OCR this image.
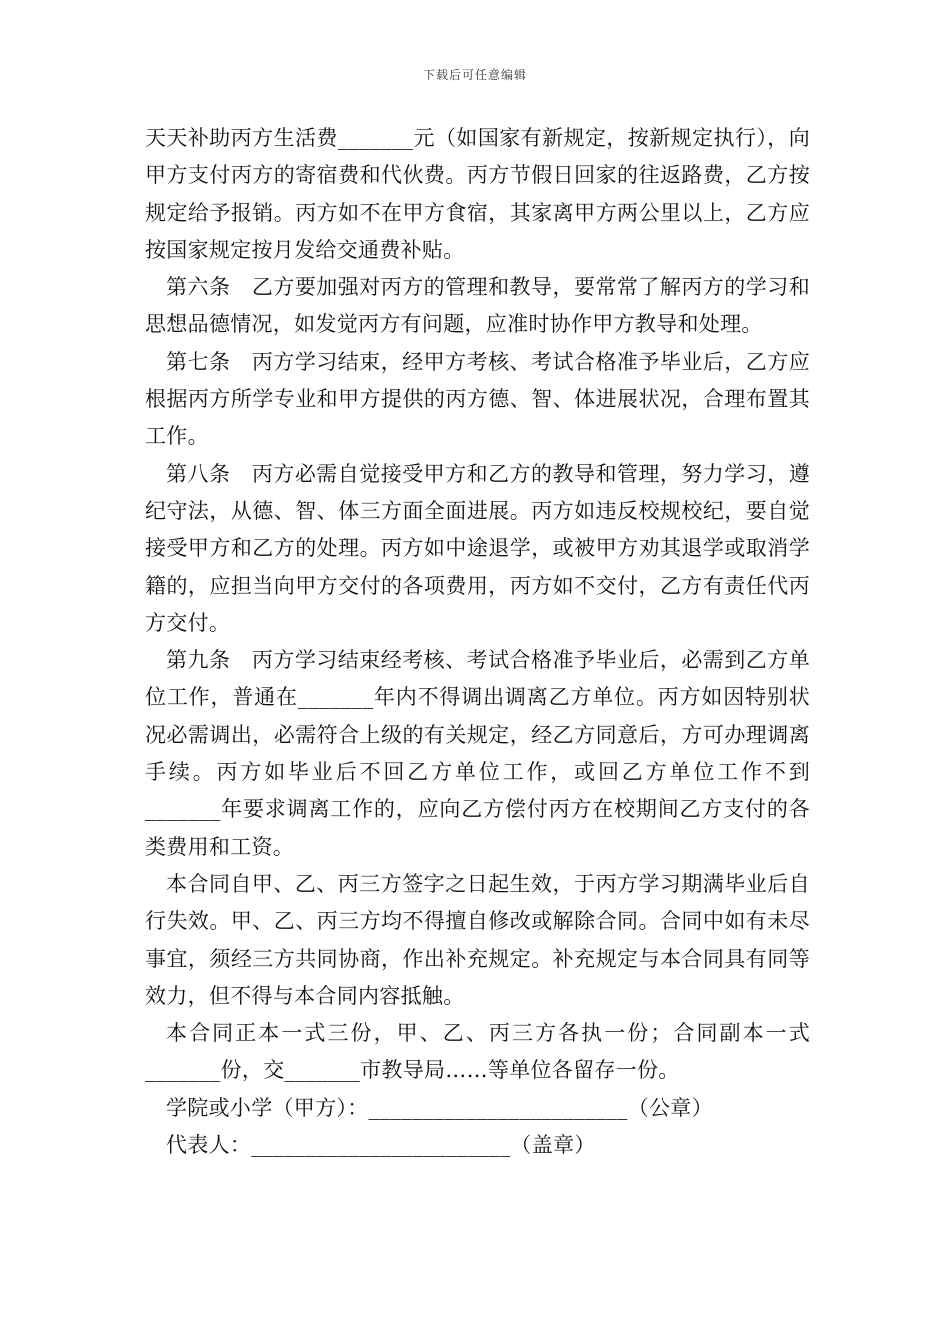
下载后可任意编辑

天天补助丙方生活费_______元（如国家有新规定，按新规定执行），向甲方支付丙方的寄宿费和代伙费。丙方节假日回家的往返路费，乙方按规定给予报销。丙方如不在甲方食宿，其家离甲方两公里以上，乙方应按国家规定按月发给交通费补贴。

第六条　乙方要加强对丙方的管理和教导，要常常了解丙方的学习和思想品德情况，如发觉丙方有问题，应准时协作甲方教导和处理。

第七条　丙方学习结束，经甲方考核、考试合格准予毕业后，乙方应根据丙方所学专业和甲方提供的丙方德、智、体进展状况，合理布置其工作。

第八条　丙方必需自觉接受甲方和乙方的教导和管理，努力学习，遵纪守法，从德、智、体三方面全面进展。丙方如违反校规校纪，要自觉接受甲方和乙方的处理。丙方如中途退学，或被甲方劝其退学或取消学籍的，应担当向甲方交付的各项费用，丙方如不交付，乙方有责任代丙方交付。

第九条　丙方学习结束经考核、考试合格准予毕业后，必需到乙方单位工作，普通在_______年内不得调出调离乙方单位。丙方如因特别状况必需调出，必需符合上级的有关规定，经乙方同意后，方可办理调离手续。丙方如毕业后不回乙方单位工作，或回乙方单位工作不到_______年要求调离工作的，应向乙方偿付丙方在校期间乙方支付的各类费用和工资。

本合同自甲、乙、丙三方签字之日起生效，于丙方学习期满毕业后自行失效。甲、乙、丙三方均不得擅自修改或解除合同。合同中如有未尽事宜，须经三方共同协商，作出补充规定。补充规定与本合同具有同等效力，但不得与本合同内容抵触。

本合同正本一式三份，甲、乙、丙三方各执一份；合同副本一式_______份，交_______市教导局……等单位各留存一份。

学院或小学（甲方）：________________________（公章）

代表人：________________________（盖章）
